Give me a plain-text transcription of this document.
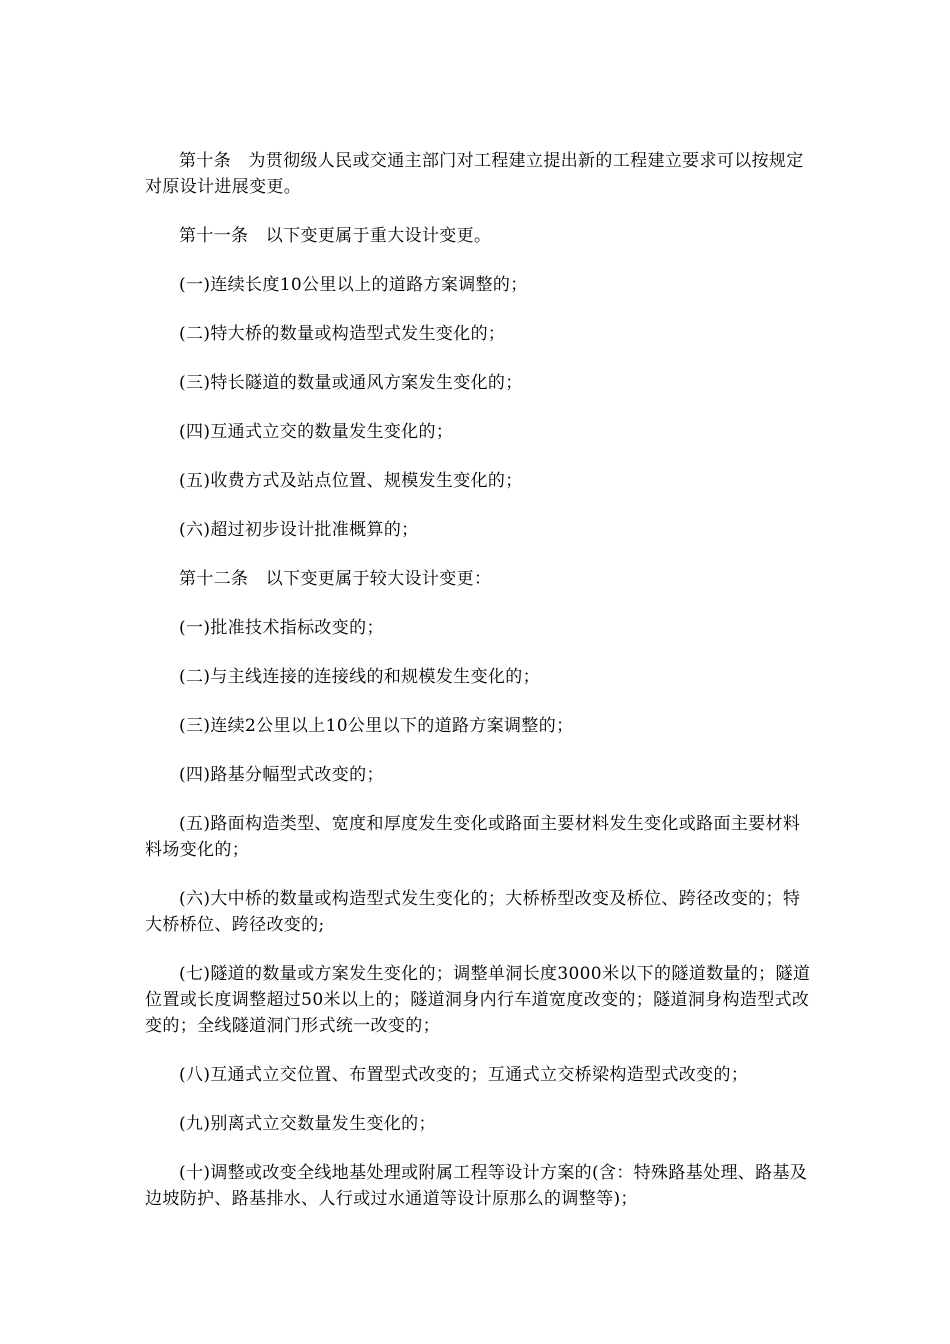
第十条　为贯彻级人民或交通主部门对工程建立提出新的工程建立要求可以按规定对原设计进展变更。

第十一条　以下变更属于重大设计变更。

(一)连续长度10公里以上的道路方案调整的；

(二)特大桥的数量或构造型式发生变化的；

(三)特长隧道的数量或通风方案发生变化的；

(四)互通式立交的数量发生变化的；

(五)收费方式及站点位置、规模发生变化的；

(六)超过初步设计批准概算的；

第十二条　以下变更属于较大设计变更：

(一)批准技术指标改变的；

(二)与主线连接的连接线的和规模发生变化的；

(三)连续2公里以上10公里以下的道路方案调整的；

(四)路基分幅型式改变的；

(五)路面构造类型、宽度和厚度发生变化或路面主要材料发生变化或路面主要材料料场变化的；

(六)大中桥的数量或构造型式发生变化的；大桥桥型改变及桥位、跨径改变的；特大桥桥位、跨径改变的;

(七)隧道的数量或方案发生变化的；调整单洞长度3000米以下的隧道数量的；隧道位置或长度调整超过50米以上的；隧道洞身内行车道宽度改变的；隧道洞身构造型式改变的；全线隧道洞门形式统一改变的；

(八)互通式立交位置、布置型式改变的；互通式立交桥梁构造型式改变的；

(九)别离式立交数量发生变化的；

(十)调整或改变全线地基处理或附属工程等设计方案的(含：特殊路基处理、路基及边坡防护、路基排水、人行或过水通道等设计原那么的调整等)；
